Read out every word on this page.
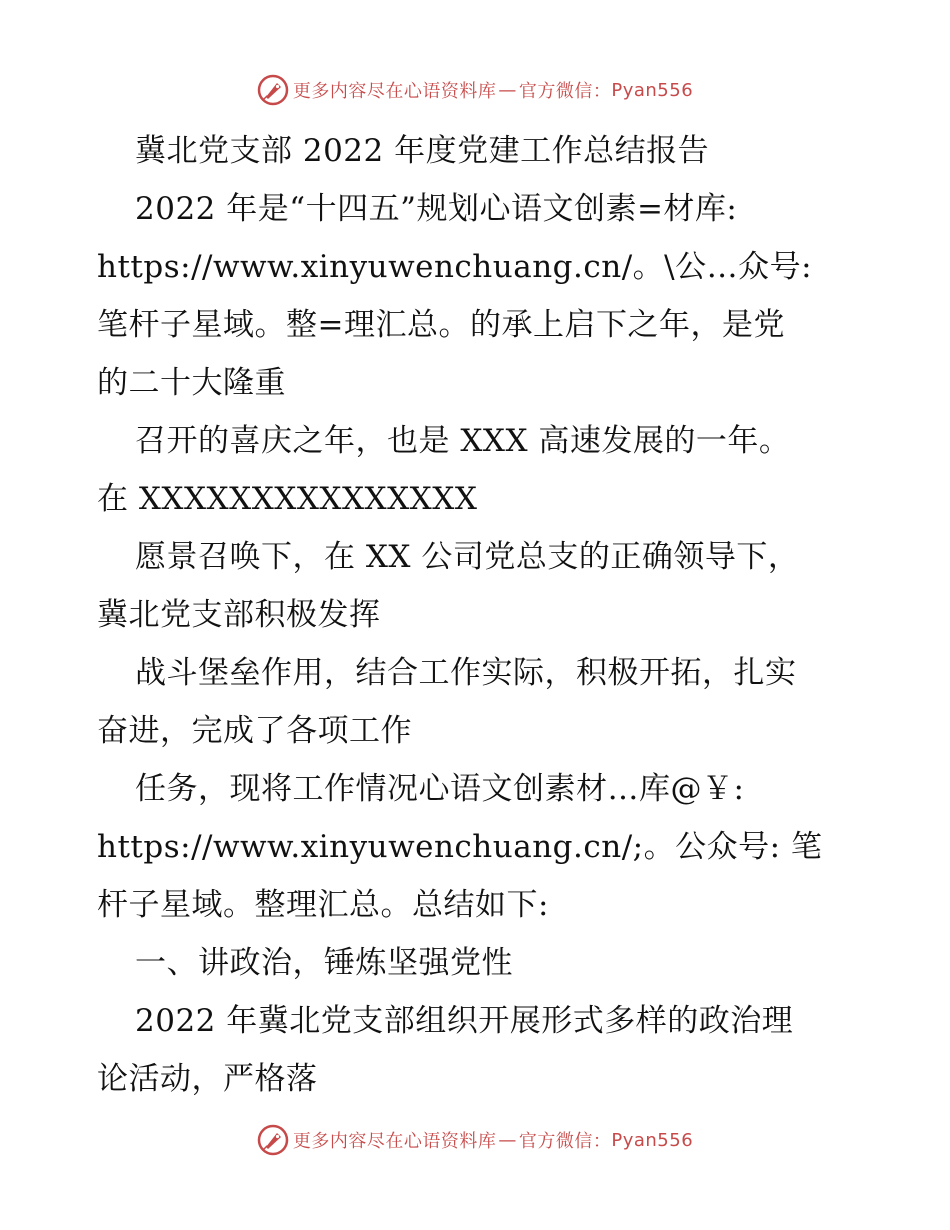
更多内容尽在心语资料库 — 官方微信： Pyan556
冀北党支部 2022 年度党建工作总结报告
2022 年是“十四五”规划心语文创素=材库:
https://www.xinyuwenchuang.cn/。\公…众号:
笔杆子星域。整=理汇总。的承上启下之年，是党
的二十大隆重
召开的喜庆之年，也是 XXX 高速发展的一年。
在 XXXXXXXXXXXXXXX
愿景召唤下，在 XX 公司党总支的正确领导下，
冀北党支部积极发挥
战斗堡垒作用，结合工作实际，积极开拓，扎实
奋进，完成了各项工作
任务，现将工作情况心语文创素材…库@￥:
https://www.xinyuwenchuang.cn/;。公众号: 笔
杆子星域。整理汇总。总结如下:
一、讲政治，锤炼坚强党性
2022 年冀北党支部组织开展形式多样的政治理
论活动，严格落
更多内容尽在心语资料库 — 官方微信： Pyan556
